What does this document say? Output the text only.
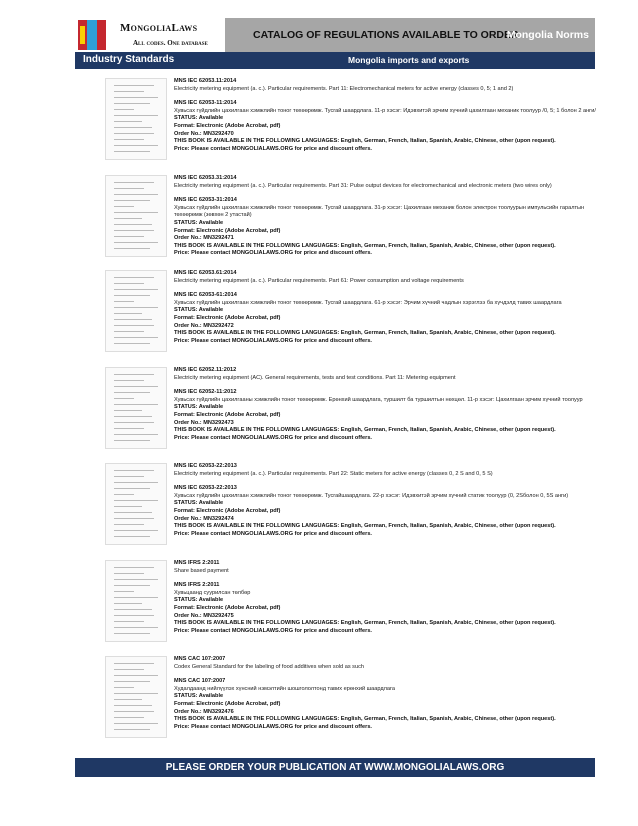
MongoliaLaws
All codes. One database
CATALOG OF REGULATIONS AVAILABLE TO ORDER
Mongolia Norms
Industry Standards	Mongolia imports and exports
MNS IEC 62053.11:2014
Electricity metering equipment (a. c.). Particular requirements. Part 11: Electromechanical meters for active energy (classes 0, 5; 1 and 2)
MNS IEC 62053-11:2014
Хувьсах гүйдлийн цахилгаан хэмжлийн тоног төхөөрөмж. Тусгай шаардлага. 11-р хэсэг: Идэвхитэй эрчим хүчний цахилгаан механик тоолуур /0, 5; 1 болон 2 анги/
STATUS: Available
Format: Electronic (Adobe Acrobat, pdf)
Order No.: MN3292470
THIS BOOK IS AVAILABLE IN THE FOLLOWING LANGUAGES: English, German, French, Italian, Spanish, Arabic, Chinese, other (upon request).
Price: Please contact MONGOLIALAWS.ORG for price and discount offers.
MNS IEC 62053.31:2014
Electricity metering equipment (a. c.). Particular requirements. Part 31: Pulse output devices for electromechanical and electronic meters (two wires only)
MNS IEC 62053-31:2014
Хувьсах гүйдлийн цахилгаан хэмжлийн тоног төхөөрөмж. Тусгай шаардлага. 31-р хэсэг: Цахилгаан механик болон электрон тоолуурын импульсийн гаралтын төхөөрөмж (зөвхөн 2 утастай)
STATUS: Available
Format: Electronic (Adobe Acrobat, pdf)
Order No.: MN3292471
THIS BOOK IS AVAILABLE IN THE FOLLOWING LANGUAGES: English, German, French, Italian, Spanish, Arabic, Chinese, other (upon request).
Price: Please contact MONGOLIALAWS.ORG for price and discount offers.
MNS IEC 62053.61:2014
Electricity metering equipment (a. c.). Particular requirements. Part 61: Power consumption and voltage requirements
MNS IEC 62053-61:2014
Хувьсах гүйдлийн цахилгаан хэмжлийн тоног төхөөрөмж. Тусгай шаардлага. 61-р хэсэг: Эрчим хүчний чадлын хэрэглээ ба хүчдэлд тавих шаардлага
STATUS: Available
Format: Electronic (Adobe Acrobat, pdf)
Order No.: MN3292472
THIS BOOK IS AVAILABLE IN THE FOLLOWING LANGUAGES: English, German, French, Italian, Spanish, Arabic, Chinese, other (upon request).
Price: Please contact MONGOLIALAWS.ORG for price and discount offers.
MNS IEC 62052.11:2012
Electricity metering equipment (AC). General requirements, tests and test conditions. Part 11: Metering equipment
MNS IEC 62052-11:2012
Хувьсах гүйдлийн цахилгааны хэмжлийн тоног төхөөрөмж. Ерөнхий шаардлага, туршилт ба туршилтын нөхцөл. 11-р хэсэг: Цахилгаан эрчим хүчний тоолуур
STATUS: Available
Format: Electronic (Adobe Acrobat, pdf)
Order No.: MN3292473
THIS BOOK IS AVAILABLE IN THE FOLLOWING LANGUAGES: English, German, French, Italian, Spanish, Arabic, Chinese, other (upon request).
Price: Please contact MONGOLIALAWS.ORG for price and discount offers.
MNS IEC 62053-22:2013
Electricity metering equipment (a. c.). Particular requirements. Part 22: Static meters for active energy (classes 0, 2 S and 0, 5 S)
MNS IEC 62053-22:2013
Хувьсах гүйдлийн цахилгаан хэмжлийн тоног төхөөрөмж. Тусгайшаардлага. 22-р хэсэг: Идэвхитэй эрчим хүчний статик тоолуур (0, 2Sболон 0, 5S анги)
STATUS: Available
Format: Electronic (Adobe Acrobat, pdf)
Order No.: MN3292474
THIS BOOK IS AVAILABLE IN THE FOLLOWING LANGUAGES: English, German, French, Italian, Spanish, Arabic, Chinese, other (upon request).
Price: Please contact MONGOLIALAWS.ORG for price and discount offers.
MNS IFRS 2:2011
Share based payment
MNS IFRS 2:2011
Хувьцаанд суурилсан төлбөр
STATUS: Available
Format: Electronic (Adobe Acrobat, pdf)
Order No.: MN3292475
THIS BOOK IS AVAILABLE IN THE FOLLOWING LANGUAGES: English, German, French, Italian, Spanish, Arabic, Chinese, other (upon request).
Price: Please contact MONGOLIALAWS.ORG for price and discount offers.
MNS CAC 107:2007
Codex General Standard for the labeling of food additives when sold as such
MNS CAC 107:2007
Худалдаанд нийлүүлэх хүнсний нэмэлтийн шошгололтонд тавих ерөнхий шаардлага
STATUS: Available
Format: Electronic (Adobe Acrobat, pdf)
Order No.: MN3292476
THIS BOOK IS AVAILABLE IN THE FOLLOWING LANGUAGES: English, German, French, Italian, Spanish, Arabic, Chinese, other (upon request).
Price: Please contact MONGOLIALAWS.ORG for price and discount offers.
PLEASE ORDER YOUR PUBLICATION AT WWW.MONGOLIALAWS.ORG
